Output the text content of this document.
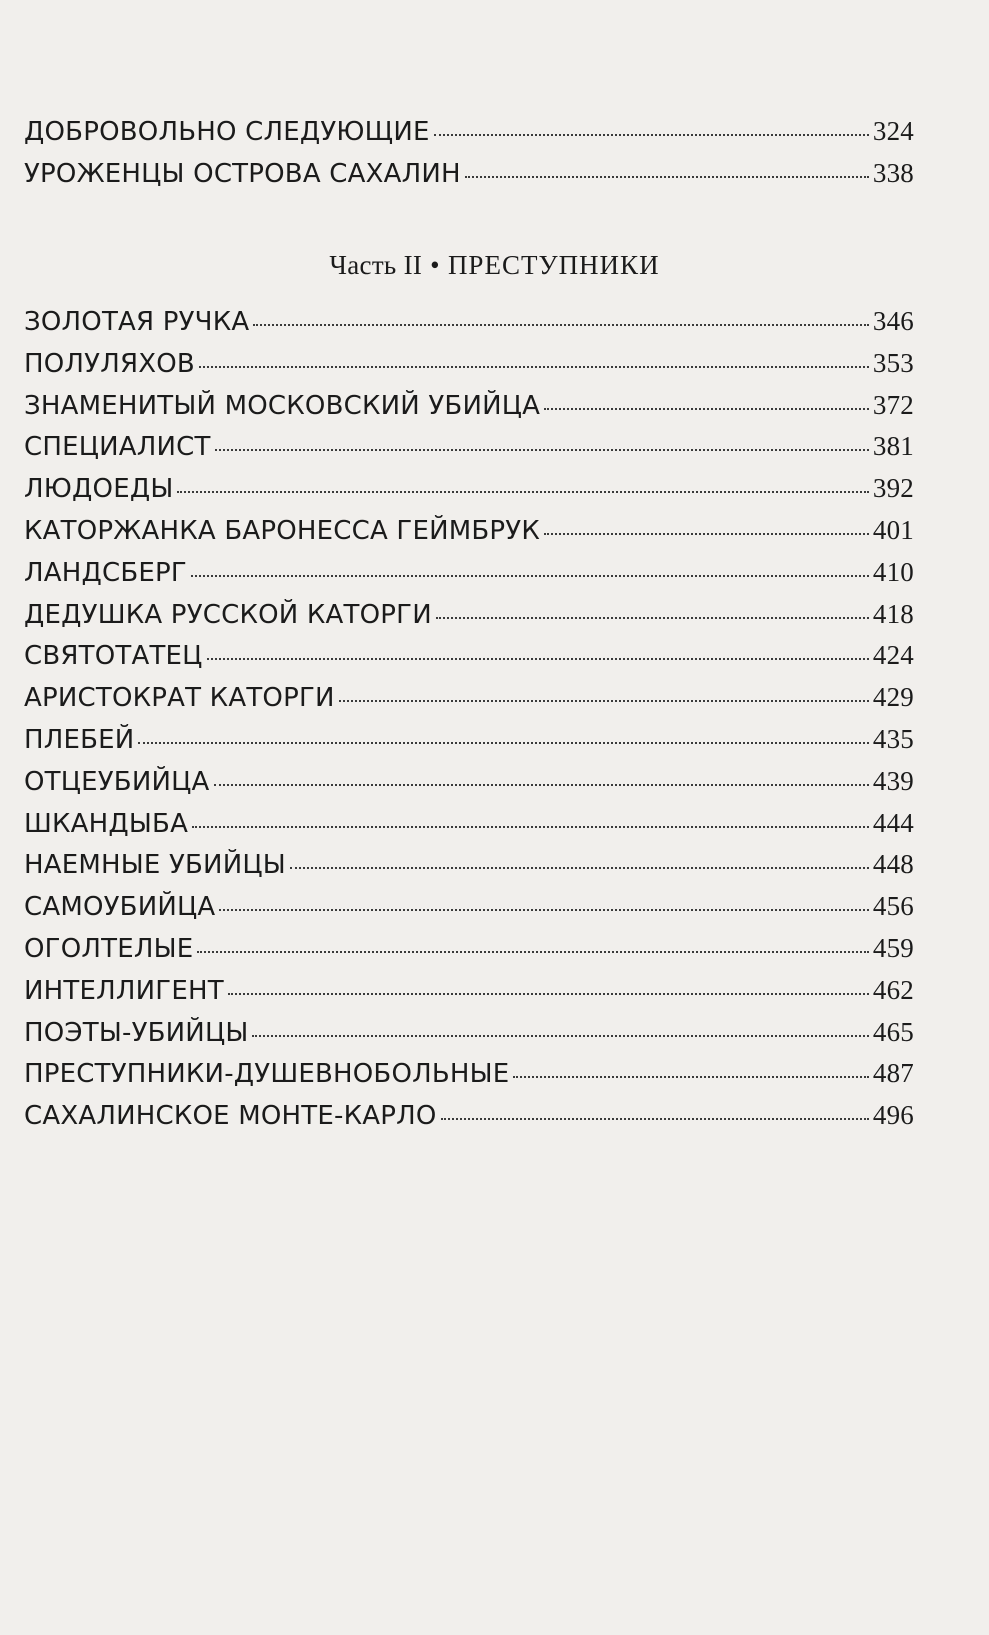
ДОБРОВОЛЬНО СЛЕДУЮЩИЕ	324
УРОЖЕНЦЫ ОСТРОВА САХАЛИН	338
Часть II • ПРЕСТУПНИКИ
ЗОЛОТАЯ РУЧКА	346
ПОЛУЛЯХОВ	353
ЗНАМЕНИТЫЙ МОСКОВСКИЙ УБИЙЦА	372
СПЕЦИАЛИСТ	381
ЛЮДОЕДЫ	392
КАТОРЖАНКА БАРОНЕССА ГЕЙМБРУК	401
ЛАНДСБЕРГ	410
ДЕДУШКА РУССКОЙ КАТОРГИ	418
СВЯТОТАТЕЦ	424
АРИСТОКРАТ КАТОРГИ	429
ПЛЕБЕЙ	435
ОТЦЕУБИЙЦА	439
ШКАНДЫБА	444
НАЕМНЫЕ УБИЙЦЫ	448
САМОУБИЙЦА	456
ОГОЛТЕЛЫЕ	459
ИНТЕЛЛИГЕНТ	462
ПОЭТЫ-УБИЙЦЫ	465
ПРЕСТУПНИКИ-ДУШЕВНОБОЛЬНЫЕ	487
САХАЛИНСКОЕ МОНТЕ-КАРЛО	496
